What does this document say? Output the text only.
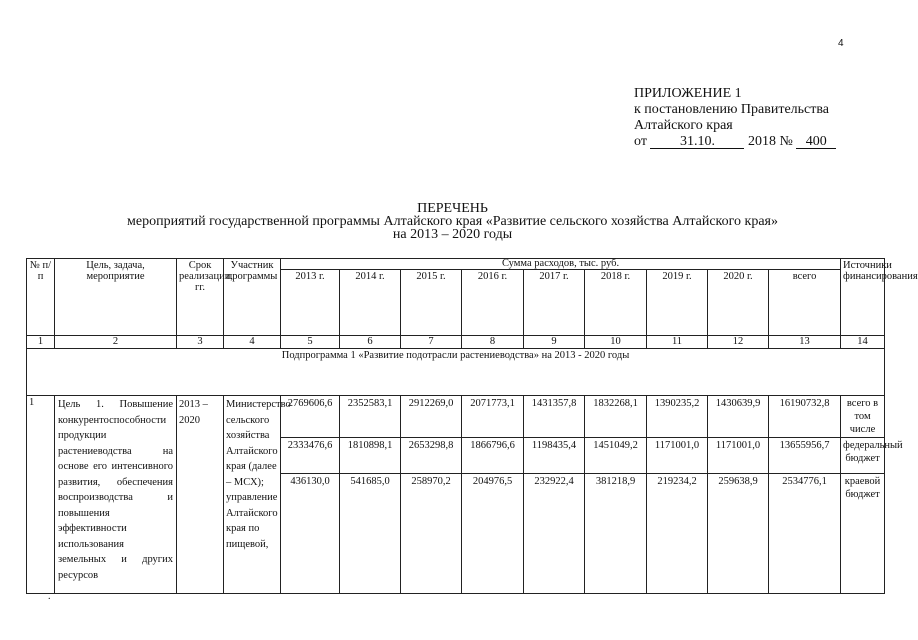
4
ПРИЛОЖЕНИЕ 1
к постановлению Правительства
Алтайского края
от 31.10. 2018 № 400
ПЕРЕЧЕНЬ
мероприятий государственной программы Алтайского края «Развитие сельского хозяйства Алтайского края»
на 2013 – 2020 годы
№ п/п	Цель, задача, мероприятие	Срок реализации, гг.	Участник программы	Сумма расходов, тыс. руб.									Источники финансирования
				2013 г.	2014 г.	2015 г.	2016 г.	2017 г.	2018 г.	2019 г.	2020 г.	всего	
1	2	3	4	5	6	7	8	9	10	11	12	13	14
Подпрограмма 1 «Развитие подотрасли растениеводства» на 2013 - 2020 годы													
1	Цель 1. Повышение конкурентоспособности продукции растениеводства на основе его интенсивного развития, обеспечения воспроизводства и повышения эффективности использования земельных и других ресурсов	2013 – 2020	Министерство сельского хозяйства Алтайского края (далее – МСХ); управление Алтайского края по пищевой,	2769606,6	2352583,1	2912269,0	2071773,1	1431357,8	1832268,1	1390235,2	1430639,9	16190732,8	всего в том числе
				2333476,6	1810898,1	2653298,8	1866796,6	1198435,4	1451049,2	1171001,0	1171001,0	13655956,7	федеральный бюджет
				436130,0	541685,0	258970,2	204976,5	232922,4	381218,9	219234,2	259638,9	2534776,1	краевой бюджет
.
